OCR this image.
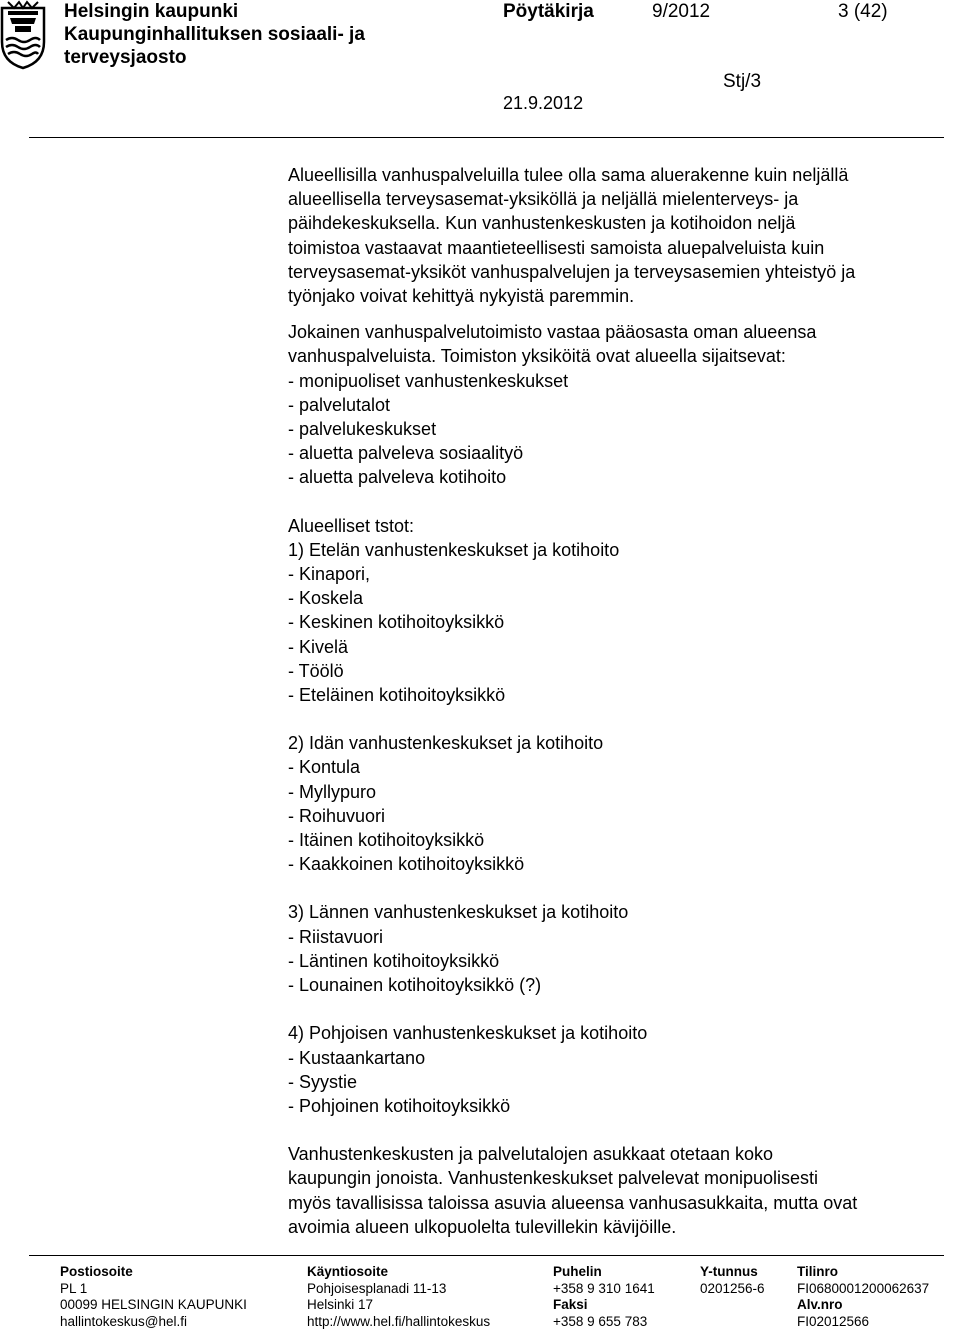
Helsingin kaupunki
Kaupunginhallituksen sosiaali- ja
terveysjaosto
Pöytäkirja	9/2012	3 (42)
Stj/3
21.9.2012

Alueellisilla vanhuspalveluilla tulee olla sama aluerakenne kuin neljällä
alueellisella terveysasemat-yksiköllä ja neljällä mielenterveys- ja
päihdekeskuksella. Kun vanhustenkeskusten ja kotihoidon neljä
toimistoa vastaavat maantieteellisesti samoista aluepalveluista kuin
terveysasemat-yksiköt vanhuspalvelujen ja terveysasemien yhteistyö ja
työnjako voivat kehittyä nykyistä paremmin.

Jokainen vanhuspalvelutoimisto vastaa pääosasta oman alueensa
vanhuspalveluista. Toimiston yksiköitä ovat alueella sijaitsevat:
- monipuoliset vanhustenkeskukset
- palvelutalot
- palvelukeskukset
- aluetta palveleva sosiaalityö
- aluetta palveleva kotihoito

Alueelliset tstot:
1) Etelän vanhustenkeskukset ja kotihoito
- Kinapori,
- Koskela
- Keskinen kotihoitoyksikkö
- Kivelä
- Töölö
- Eteläinen kotihoitoyksikkö

2) Idän vanhustenkeskukset ja kotihoito
- Kontula
- Myllypuro
- Roihuvuori
- Itäinen kotihoitoyksikkö
- Kaakkoinen kotihoitoyksikkö

3) Lännen vanhustenkeskukset ja kotihoito
- Riistavuori
- Läntinen kotihoitoyksikkö
- Lounainen kotihoitoyksikkö (?)

4) Pohjoisen vanhustenkeskukset ja kotihoito
- Kustaankartano
- Syystie
- Pohjoinen kotihoitoyksikkö

Vanhustenkeskusten ja palvelutalojen asukkaat otetaan koko
kaupungin jonoista. Vanhustenkeskukset palvelevat monipuolisesti
myös tavallisissa taloissa asuvia alueensa vanhusasukkaita, mutta ovat
avoimia alueen ulkopuolelta tulevillekin kävijöille.

Postiosoite
PL 1
00099 HELSINGIN KAUPUNKI
hallintokeskus@hel.fi
Käyntiosoite
Pohjoisesplanadi 11-13
Helsinki 17
http://www.hel.fi/hallintokeskus
Puhelin
+358 9 310 1641
Faksi
+358 9 655 783
Y-tunnus
0201256-6
Tilinro
FI0680001200062637
Alv.nro
FI02012566
